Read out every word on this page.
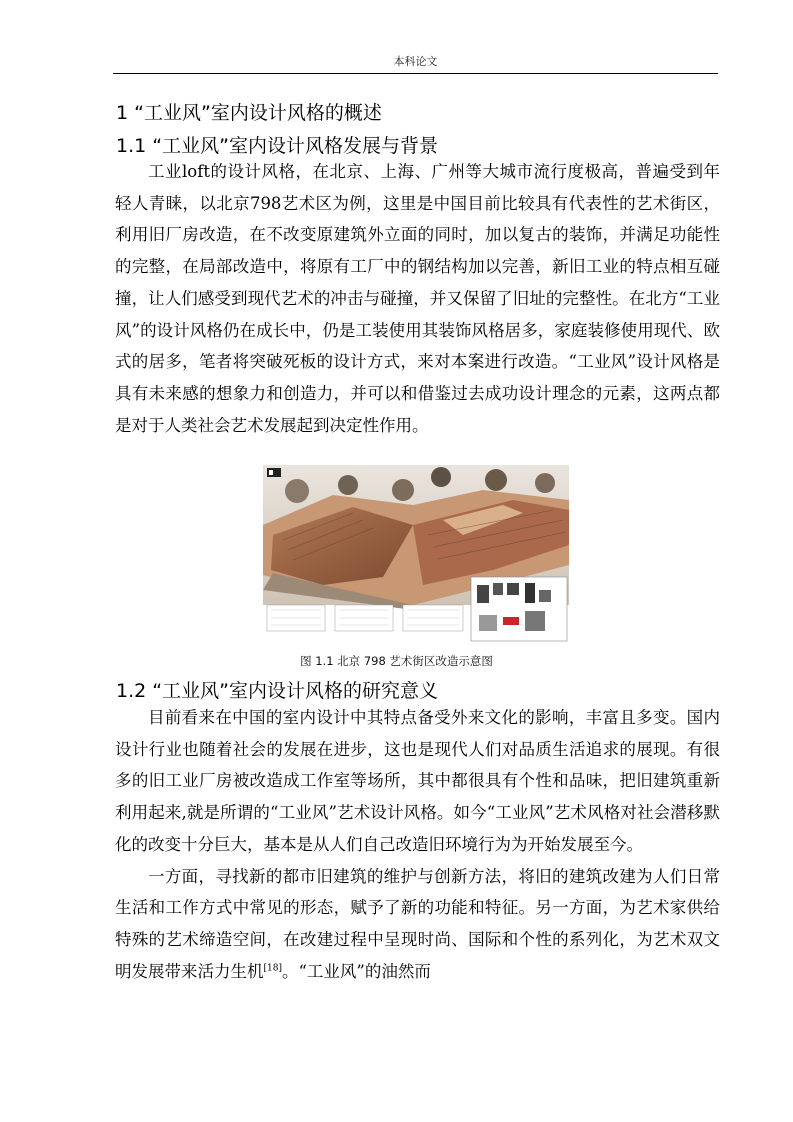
本科论文
1 “工业风”室内设计风格的概述
1.1 “工业风”室内设计风格发展与背景

工业loft的设计风格，在北京、上海、广州等大城市流行度极高，普遍受到年轻人青睐，以北京798艺术区为例，这里是中国目前比较具有代表性的艺术街区，利用旧厂房改造，在不改变原建筑外立面的同时，加以复古的装饰，并满足功能性的完整，在局部改造中，将原有工厂中的钢结构加以完善，新旧工业的特点相互碰撞，让人们感受到现代艺术的冲击与碰撞，并又保留了旧址的完整性。在北方“工业风”的设计风格仍在成长中，仍是工装使用其装饰风格居多，家庭装修使用现代、欧式的居多，笔者将突破死板的设计方式，来对本案进行改造。“工业风”设计风格是具有未来感的想象力和创造力，并可以和借鉴过去成功设计理念的元素，这两点都是对于人类社会艺术发展起到决定性作用。

图 1.1 北京 798 艺术街区改造示意图
1.2 “工业风”室内设计风格的研究意义

目前看来在中国的室内设计中其特点备受外来文化的影响，丰富且多变。国内设计行业也随着社会的发展在进步，这也是现代人们对品质生活追求的展现。有很多的旧工业厂房被改造成工作室等场所，其中都很具有个性和品味，把旧建筑重新利用起来,就是所谓的“工业风”艺术设计风格。如今“工业风”艺术风格对社会潜移默化的改变十分巨大，基本是从人们自己改造旧环境行为为开始发展至今。

一方面，寻找新的都市旧建筑的维护与创新方法，将旧的建筑改建为人们日常生活和工作方式中常见的形态，赋予了新的功能和特征。另一方面，为艺术家供给特殊的艺术缔造空间，在改建过程中呈现时尚、国际和个性的系列化，为艺术双文明发展带来活力生机[18]。“工业风”的油然而
